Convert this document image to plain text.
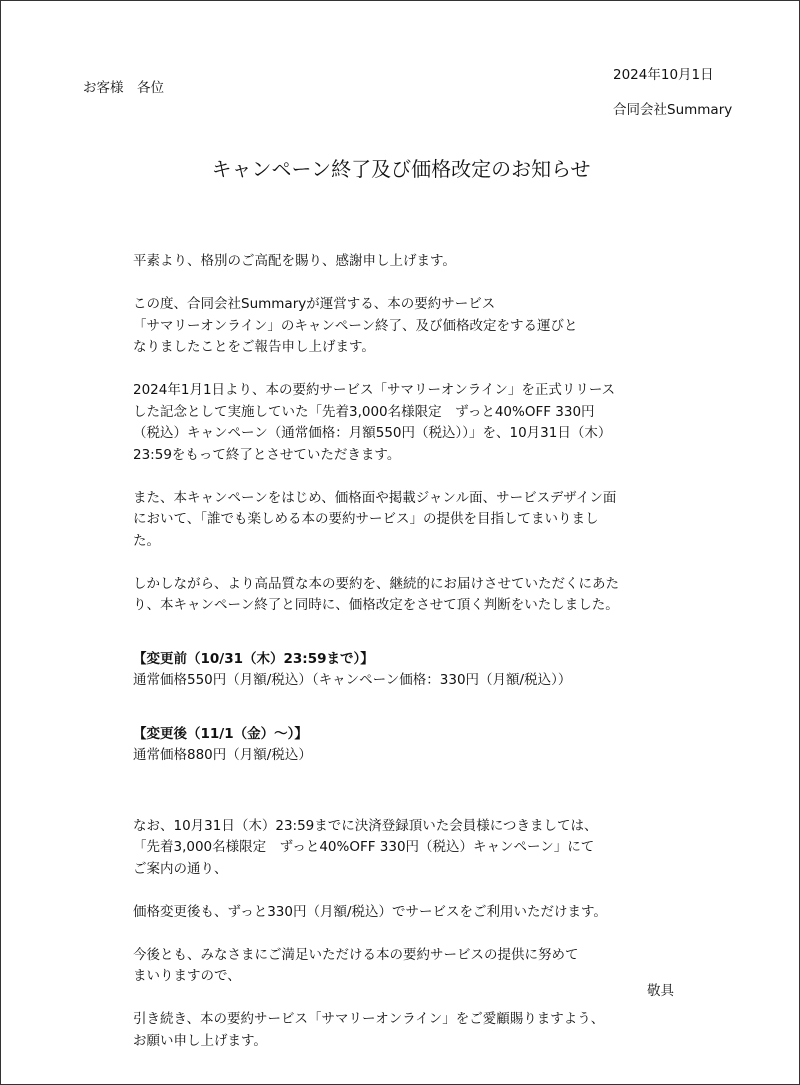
お客様　各位
2024年10月1日
合同会社Summary
キャンペーン終了及び価格改定のお知らせ

平素より、格別のご高配を賜り、感謝申し上げます。

この度、合同会社Summaryが運営する、本の要約サービス
「サマリーオンライン」のキャンペーン終了、及び価格改定をする運びと
なりましたことをご報告申し上げます。

2024年1月1日より、本の要約サービス「サマリーオンライン」を正式リリース
した記念として実施していた「先着3,000名様限定　ずっと40%OFF 330円
（税込）キャンペーン（通常価格：月額550円（税込））」を、10月31日（木）
23:59をもって終了とさせていただきます。

また、本キャンペーンをはじめ、価格面や掲載ジャンル面、サービスデザイン面
において、「誰でも楽しめる本の要約サービス」の提供を目指してまいりまし
た。

しかしながら、より高品質な本の要約を、継続的にお届けさせていただくにあた
り、本キャンペーン終了と同時に、価格改定をさせて頂く判断をいたしました。

【変更前（10/31（木）23:59まで）】
通常価格550円（月額/税込）（キャンペーン価格：330円（月額/税込））

【変更後（11/1（金）〜）】
通常価格880円（月額/税込）

なお、10月31日（木）23:59までに決済登録頂いた会員様につきましては、
「先着3,000名様限定　ずっと40%OFF 330円（税込）キャンペーン」にて
ご案内の通り、

価格変更後も、ずっと330円（月額/税込）でサービスをご利用いただけます。

今後とも、みなさまにご満足いただける本の要約サービスの提供に努めて
まいりますので、

引き続き、本の要約サービス「サマリーオンライン」をご愛顧賜りますよう、
お願い申し上げます。

敬具
